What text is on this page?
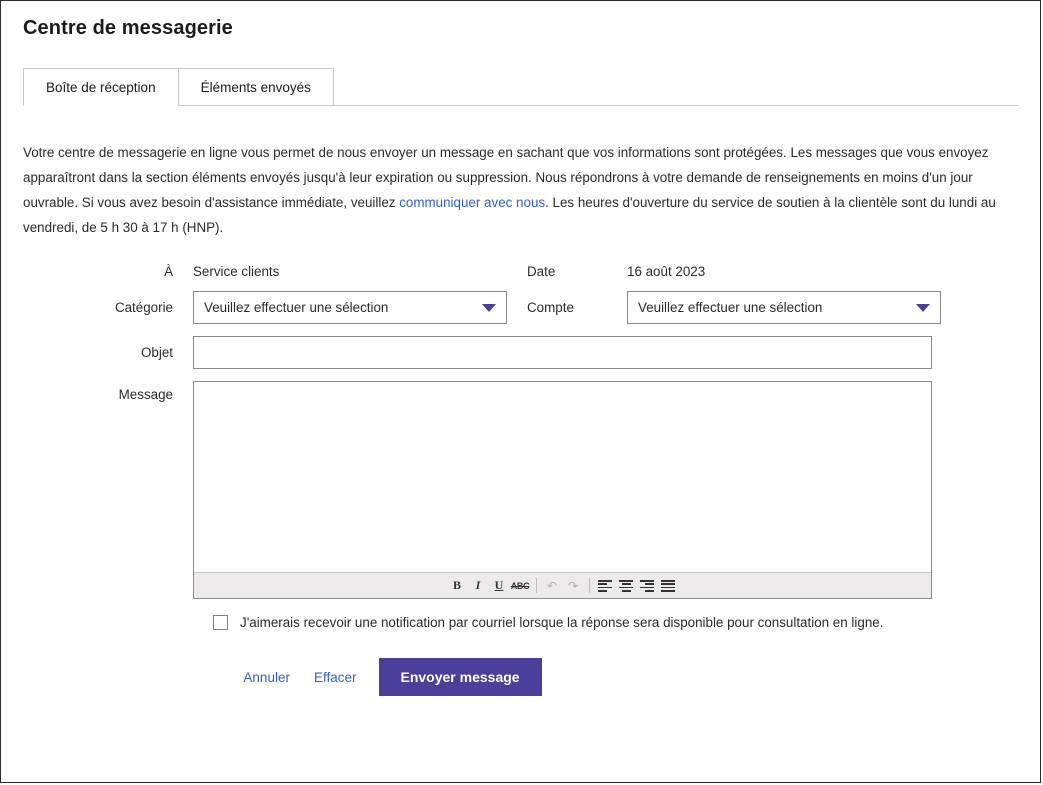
Centre de messagerie
Boîte de réception	Éléments envoyés

Votre centre de messagerie en ligne vous permet de nous envoyer un message en sachant que vos informations sont protégées. Les messages que vous envoyez apparaîtront dans la section éléments envoyés jusqu'à leur expiration ou suppression. Nous répondrons à votre demande de renseignements en moins d'un jour ouvrable. Si vous avez besoin d'assistance immédiate, veuillez communiquer avec nous. Les heures d'ouverture du service de soutien à la clientèle sont du lundi au vendredi, de 5 h 30 à 17 h (HNP).

À	Service clients	Date	16 août 2023
Catégorie	Veuillez effectuer une sélection	Compte	Veuillez effectuer une sélection
Objet
Message
B	I	U ABC	↶ ↷
J'aimerais recevoir une notification par courriel lorsque la réponse sera disponible pour consultation en ligne.
Annuler Effacer	Envoyer message
